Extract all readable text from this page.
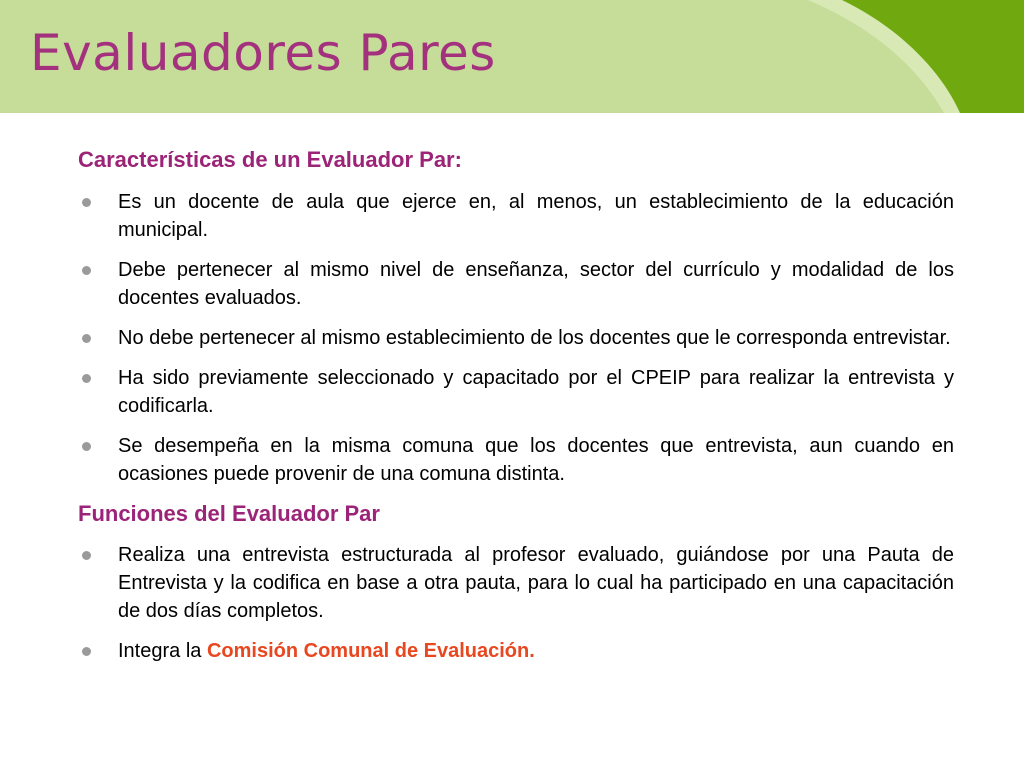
Evaluadores Pares
Características de un Evaluador Par:
Es un docente de aula que ejerce en, al menos, un establecimiento de la educación municipal.
Debe pertenecer al mismo nivel de enseñanza, sector del currículo y modalidad de los docentes evaluados.
No debe pertenecer al mismo establecimiento de los docentes que le corresponda entrevistar.
Ha sido previamente seleccionado y capacitado por el CPEIP para realizar la entrevista y codificarla.
Se desempeña en la misma comuna que los docentes que entrevista, aun cuando en ocasiones puede provenir de una comuna distinta.
Funciones del Evaluador Par
Realiza una entrevista estructurada al profesor evaluado, guiándose por una Pauta de Entrevista y la codifica en base a otra pauta, para lo cual ha participado en una capacitación de dos días completos.
Integra la Comisión Comunal de Evaluación.
